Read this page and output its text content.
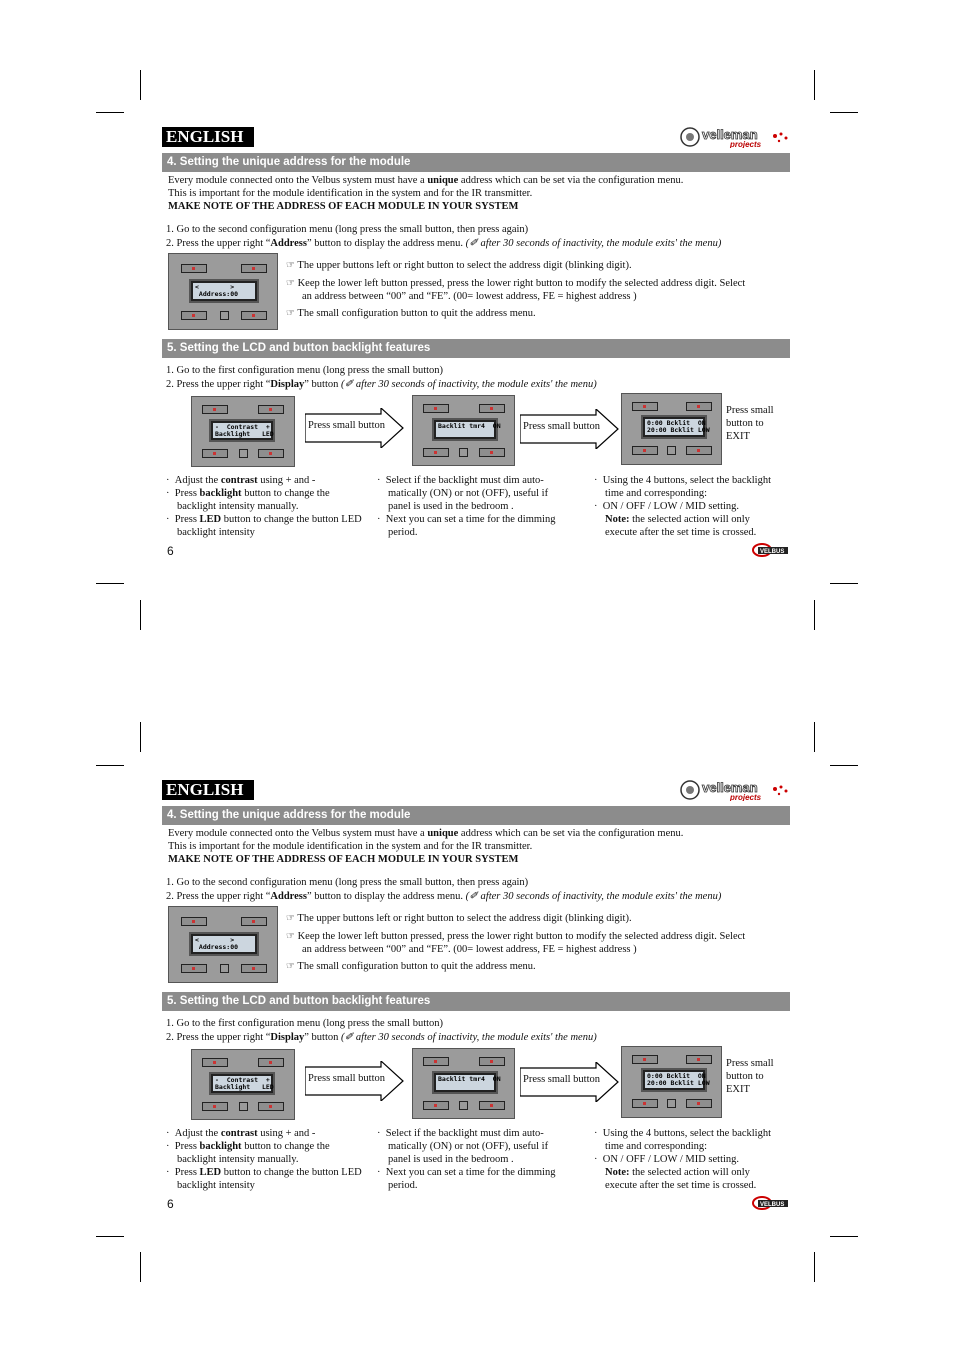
ENGLISH	velleman
projects
4. Setting the unique address for the module
Every module connected onto the Velbus system must have a unique address which can be set via the configuration menu.
This is important for the module identification in the system and for the IR transmitter.
MAKE NOTE OF THE ADDRESS OF EACH MODULE IN YOUR SYSTEM
1. Go to the second configuration menu (long press the small button, then press again)
2. Press the upper right “Address” button to display the address menu. (✐ after 30 seconds of inactivity, the module exits' the menu)
<        >
Address:00
☞ The upper buttons left or right button to select the address digit (blinking digit).
☞ Keep the lower left button pressed, press the lower right button to modify the selected address digit. Select
an address between “00” and “FE”. (00= lowest address, FE = highest address )
☞ The small configuration button to quit the address menu.
5. Setting the LCD and button backlight features
1. Go to the first configuration menu (long press the small button)
2. Press the upper right “Display” button (✐ after 30 seconds of inactivity, the module exits' the menu)
-  Contrast  +
Backlight   LED
Press small button	Backlit tmr4  ON Press small button	0:00 Bcklit  ON
20:00 Bcklit LOW
Press small
button to
EXIT
· Adjust the contrast using + and -
· Press backlight button to change the backlight intensity manually.
· Press LED button to change the button LED backlight intensity
· Select if the backlight must dim auto-
matically (ON) or not (OFF), useful if
panel is used in the bedroom .
· Next you can set a time for the dimming
period.
· Using the 4 buttons, select the backlight
time and corresponding:
· ON / OFF / LOW / MID setting.
Note: the selected action will only
execute after the set time is crossed.
6	VELBUS
ENGLISH	velleman
projects
4. Setting the unique address for the module
Every module connected onto the Velbus system must have a unique address which can be set via the configuration menu.
This is important for the module identification in the system and for the IR transmitter.
MAKE NOTE OF THE ADDRESS OF EACH MODULE IN YOUR SYSTEM
1. Go to the second configuration menu (long press the small button, then press again)
2. Press the upper right “Address” button to display the address menu. (✐ after 30 seconds of inactivity, the module exits' the menu)
<        >
Address:00
☞ The upper buttons left or right button to select the address digit (blinking digit).
☞ Keep the lower left button pressed, press the lower right button to modify the selected address digit. Select
an address between “00” and “FE”. (00= lowest address, FE = highest address )
☞ The small configuration button to quit the address menu.
5. Setting the LCD and button backlight features
1. Go to the first configuration menu (long press the small button)
2. Press the upper right “Display” button (✐ after 30 seconds of inactivity, the module exits' the menu)
-  Contrast  +
Backlight   LED
Press small button	Backlit tmr4  ON Press small button	0:00 Bcklit  ON
20:00 Bcklit LOW
Press small
button to
EXIT
· Adjust the contrast using + and -
· Press backlight button to change the backlight intensity manually.
· Press LED button to change the button LED backlight intensity
· Select if the backlight must dim auto-
matically (ON) or not (OFF), useful if
panel is used in the bedroom .
· Next you can set a time for the dimming
period.
· Using the 4 buttons, select the backlight
time and corresponding:
· ON / OFF / LOW / MID setting.
Note: the selected action will only
execute after the set time is crossed.
6	VELBUS
